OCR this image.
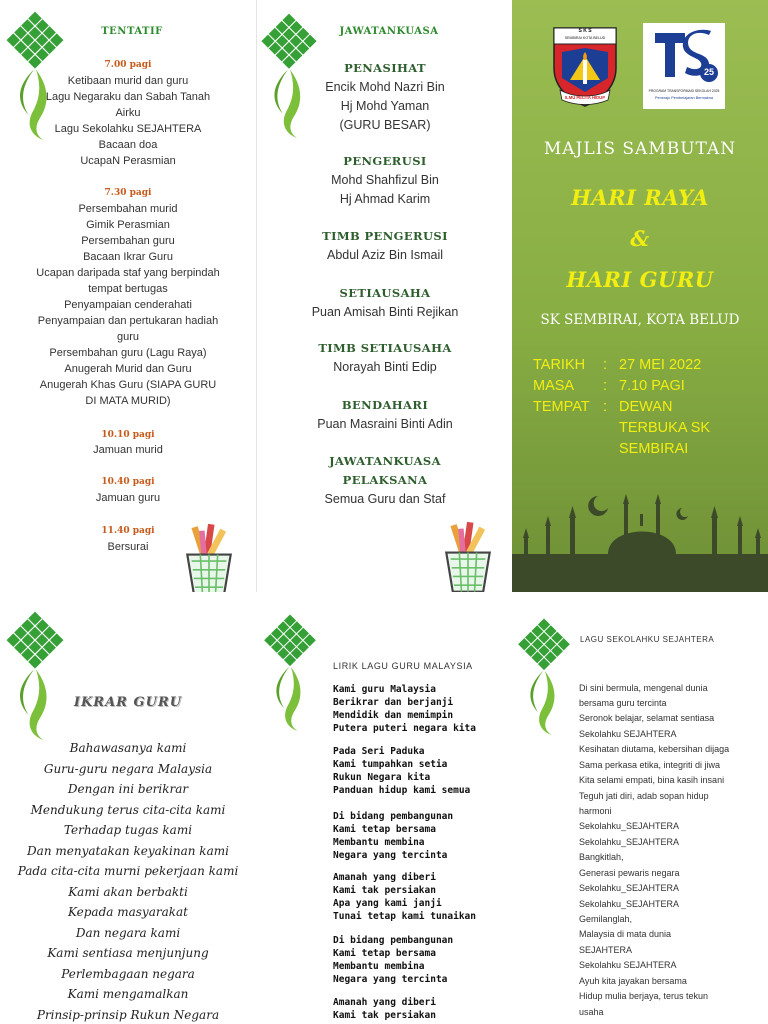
TENTATIF
7.00 pagi
Ketibaan murid dan guru
Lagu Negaraku dan Sabah Tanah
Airku
Lagu Sekolahku SEJAHTERA
Bacaan doa
UcapaN Perasmian
7.30 pagi
Persembahan murid
Gimik Perasmian
Persembahan guru
Bacaan Ikrar Guru
Ucapan daripada staf yang berpindah
tempat bertugas
Penyampaian cenderahati
Penyampaian dan pertukaran hadiah
guru
Persembahan guru (Lagu Raya)
Anugerah Murid dan Guru
Anugerah Khas Guru (SIAPA GURU
DI MATA MURID)
10.10 pagi
Jamuan murid
10.40 pagi
Jamuan guru
11.40 pagi
Bersurai
JAWATANKUASA
PENASIHAT
Encik Mohd Nazri Bin
Hj Mohd Yaman
(GURU BESAR)
PENGERUSI
Mohd Shahfizul Bin
Hj Ahmad Karim
TIMB PENGERUSI
Abdul Aziz Bin Ismail
SETIAUSAHA
Puan Amisah Binti Rejikan
TIMB SETIAUSAHA
Norayah Binti Edip
BENDAHARI
Puan Masraini Binti Adin
JAWATANKUASA
PELAKSANA
Semua Guru dan Staf
S K S
SEMBIRAI KOTA BELUD
ILMU PELITA HIDUP
25
PROGRAM TRANSFORMASI SEKOLAH 2025
Peneraju Pembelajaran Bermakna
MAJLIS SAMBUTAN
HARI RAYA
&
HARI GURU
SK SEMBIRAI, KOTA BELUD
TARIKH : 27 MEI 2022
MASA : 7.10 PAGI
TEMPAT : DEWAN
TERBUKA SK
SEMBIRAI
IKRAR GURU
Bahawasanya kami
Guru-guru negara Malaysia
Dengan ini berikrar
Mendukung terus cita-cita kami
Terhadap tugas kami
Dan menyatakan keyakinan kami
Pada cita-cita murni pekerjaan kami
Kami akan berbakti
Kepada masyarakat
Dan negara kami
Kami sentiasa menjunjung
Perlembagaan negara
Kami mengamalkan
Prinsip-prinsip Rukun Negara
LIRIK LAGU GURU MALAYSIA
Kami guru Malaysia
Berikrar dan berjanji
Mendidik dan memimpin
Putera puteri negara kita
Pada Seri Paduka
Kami tumpahkan setia
Rukun Negara kita
Panduan hidup kami semua
Di bidang pembangunan
Kami tetap bersama
Membantu membina
Negara yang tercinta
Amanah yang diberi
Kami tak persiakan
Apa yang kami janji
Tunai tetap kami tunaikan
Di bidang pembangunan
Kami tetap bersama
Membantu membina
Negara yang tercinta
Amanah yang diberi
Kami tak persiakan
LAGU SEKOLAHKU SEJAHTERA
Di sini bermula, mengenal dunia
bersama guru tercinta
Seronok belajar, selamat sentiasa
Sekolahku SEJAHTERA
Kesihatan diutama, kebersihan dijaga
Sama perkasa etika, integriti di jiwa
Kita selami empati, bina kasih insani
Teguh jati diri, adab sopan hidup
harmoni
Sekolahku_SEJAHTERA
Sekolahku_SEJAHTERA
Bangkitlah,
Generasi pewaris negara
Sekolahku_SEJAHTERA
Sekolahku_SEJAHTERA
Gemilanglah,
Malaysia di mata dunia
SEJAHTERA
Sekolahku SEJAHTERA
Ayuh kita jayakan bersama
Hidup mulia berjaya, terus tekun
usaha
